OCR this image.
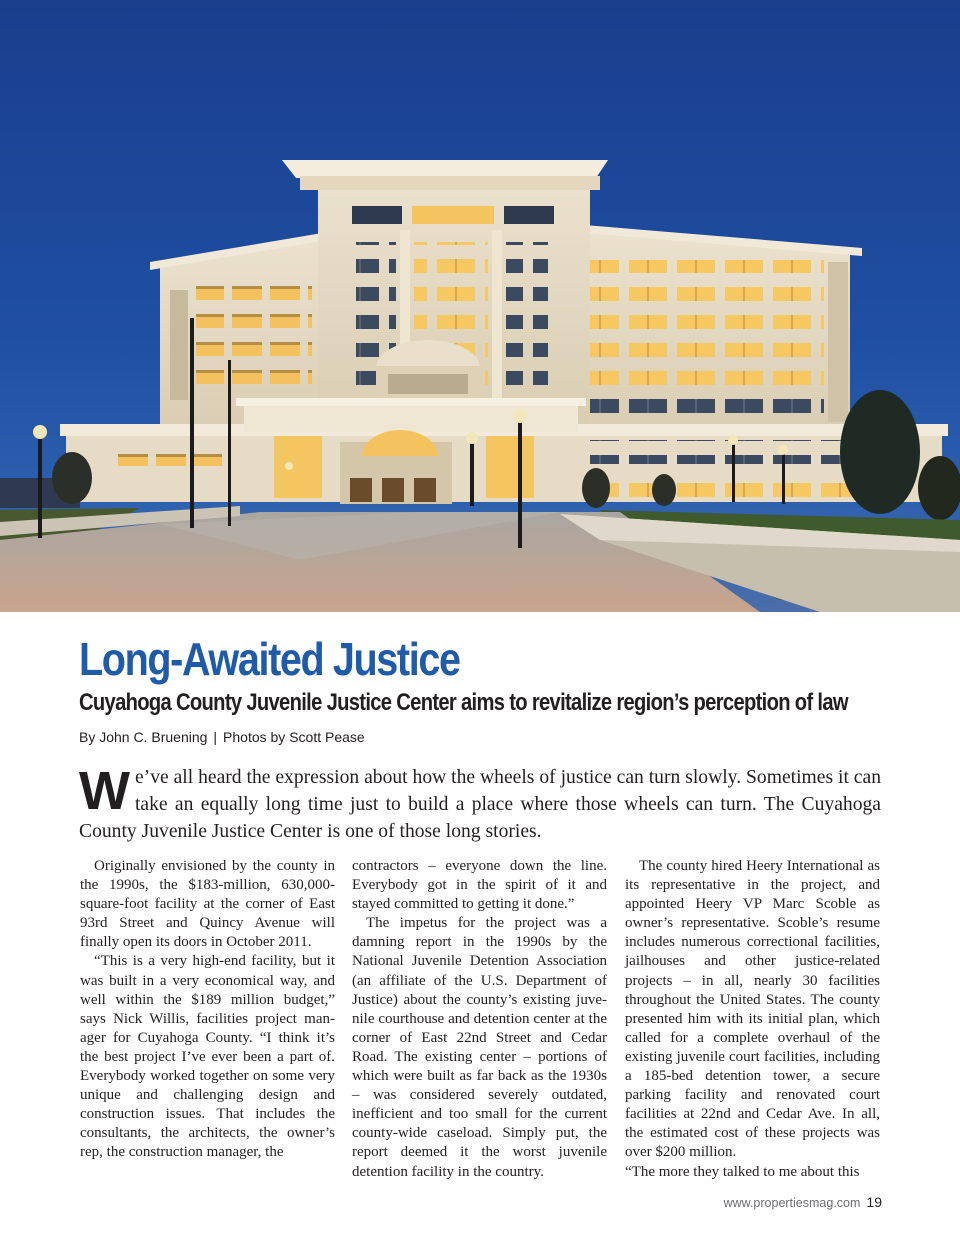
Long-Awaited Justice
Cuyahoga County Juvenile Justice Center aims to revitalize region’s perception of law
By John C. Bruening | Photos by Scott Pease
We’ve all heard the expression about how the wheels of justice can turn slowly. Sometimes it can take an equally long time just to build a place where those wheels can turn. The Cuyahoga County Juvenile Justice Center is one of those long stories.

Originally envisioned by the county in the 1990s, the $183-million, 630,000-square-foot facility at the corner of East 93rd Street and Quincy Avenue will finally open its doors in October 2011.

“This is a very high-end facility, but it was built in a very economical way, and well within the $189 million budget,” says Nick Willis, facilities project manager for Cuyahoga County. “I think it’s the best project I’ve ever been a part of. Everybody worked together on some very unique and challenging design and construction issues. That includes the consultants, the architects, the owner’s rep, the construction manager, the

contractors – everyone down the line. Everybody got in the spirit of it and stayed committed to getting it done.”

The impetus for the project was a damning report in the 1990s by the National Juvenile Detention Association (an affiliate of the U.S. Department of Justice) about the county’s existing juvenile courthouse and detention center at the corner of East 22nd Street and Cedar Road. The existing center – portions of which were built as far back as the 1930s – was considered severely outdated, inefficient and too small for the current county-wide caseload. Simply put, the report deemed it the worst juvenile detention facility in the country.

The county hired Heery International as its representative in the project, and appointed Heery VP Marc Scoble as owner’s representative. Scoble’s resume includes numerous correctional facilities, jailhouses and other justice-related projects – in all, nearly 30 facilities throughout the United States. The county presented him with its initial plan, which called for a complete overhaul of the existing juvenile court facilities, including a 185-bed detention tower, a secure parking facility and renovated court facilities at 22nd and Cedar Ave. In all, the estimated cost of these projects was over $200 million.

“The more they talked to me about this

www.propertiesmag.com 19
